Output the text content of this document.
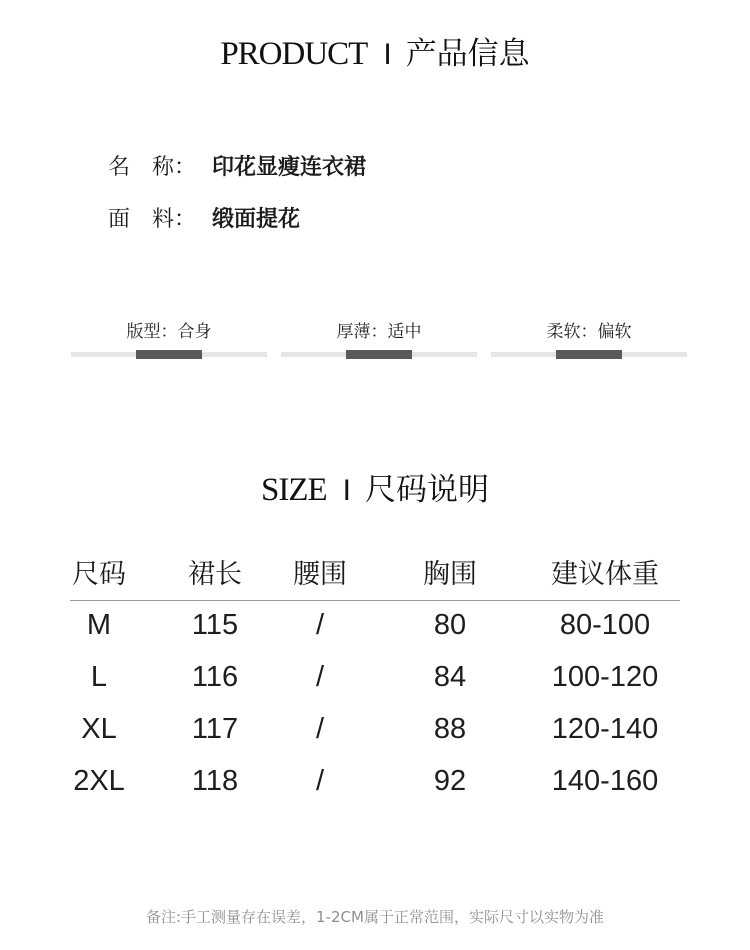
PRODUCT I 产品信息
名　称： 印花显瘦连衣裙
面　料： 缎面提花
版型：合身	厚薄：适中	柔软：偏软
SIZE I 尺码说明
尺码	裙长	腰围	胸围	建议体重
M	115	/	80	80-100
L	116	/	84	100-120
XL	117	/	88	120-140
2XL	118	/	92	140-160
备注:手工测量存在误差，1-2CM属于正常范围，实际尺寸以实物为准
